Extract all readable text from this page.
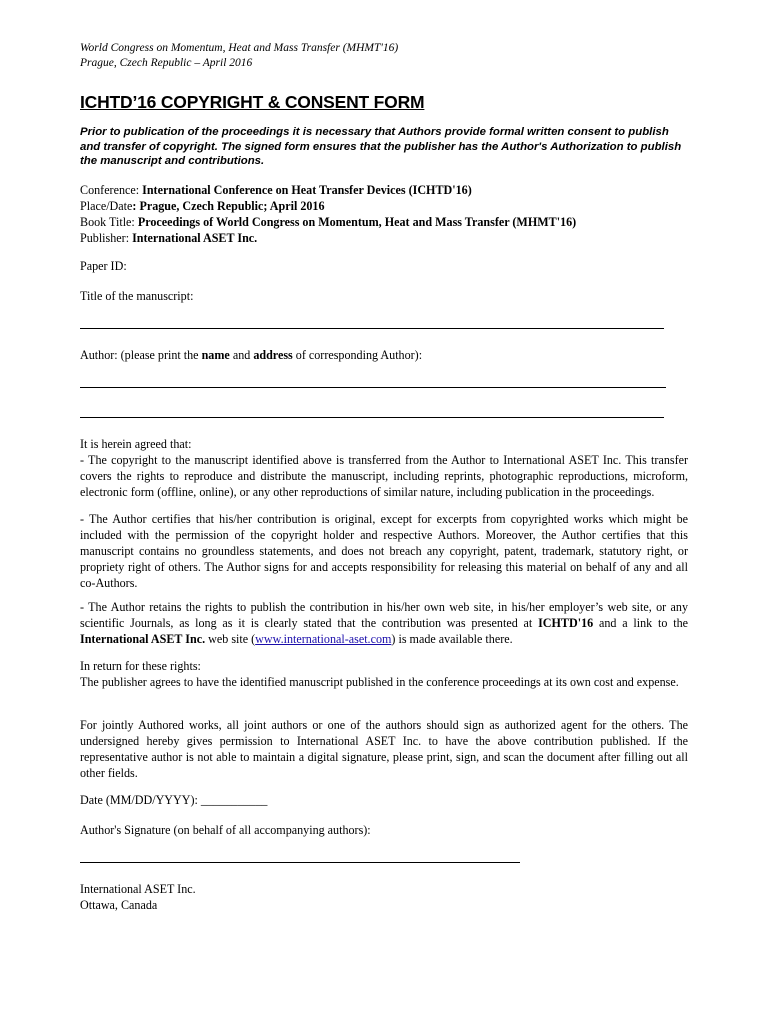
World Congress on Momentum, Heat and Mass Transfer (MHMT'16)
Prague, Czech Republic – April 2016
ICHTD’16 COPYRIGHT & CONSENT FORM
Prior to publication of the proceedings it is necessary that Authors provide formal written consent to publish and transfer of copyright. The signed form ensures that the publisher has the Author's Authorization to publish the manuscript and contributions.
Conference: International Conference on Heat Transfer Devices (ICHTD'16)
Place/Date: Prague, Czech Republic; April 2016
Book Title: Proceedings of World Congress on Momentum, Heat and Mass Transfer (MHMT'16)
Publisher: International ASET Inc.
Paper ID:
Title of the manuscript:
Author: (please print the name and address of corresponding Author):

It is herein agreed that:

- The copyright to the manuscript identified above is transferred from the Author to International ASET Inc. This transfer covers the rights to reproduce and distribute the manuscript, including reprints, photographic reproductions, microform, electronic form (offline, online), or any other reproductions of similar nature, including publication in the proceedings.

- The Author certifies that his/her contribution is original, except for excerpts from copyrighted works which might be included with the permission of the copyright holder and respective Authors. Moreover, the Author certifies that this manuscript contains no groundless statements, and does not breach any copyright, patent, trademark, statutory right, or propriety right of others. The Author signs for and accepts responsibility for releasing this material on behalf of any and all co-Authors.
- The Author retains the rights to publish the contribution in his/her own web site, in his/her employer’s web site, or any scientific Journals, as long as it is clearly stated that the contribution was presented at ICHTD'16 and a link to the International ASET Inc. web site (www.international-aset.com) is made available there.

In return for these rights:

The publisher agrees to have the identified manuscript published in the conference proceedings at its own cost and expense.

For jointly Authored works, all joint authors or one of the authors should sign as authorized agent for the others. The undersigned hereby gives permission to International ASET Inc. to have the above contribution published. If the representative author is not able to maintain a digital signature, please print, sign, and scan the document after filling out all other fields.
Date (MM/DD/YYYY): ___________
Author's Signature (on behalf of all accompanying authors):
International ASET Inc.
Ottawa, Canada
